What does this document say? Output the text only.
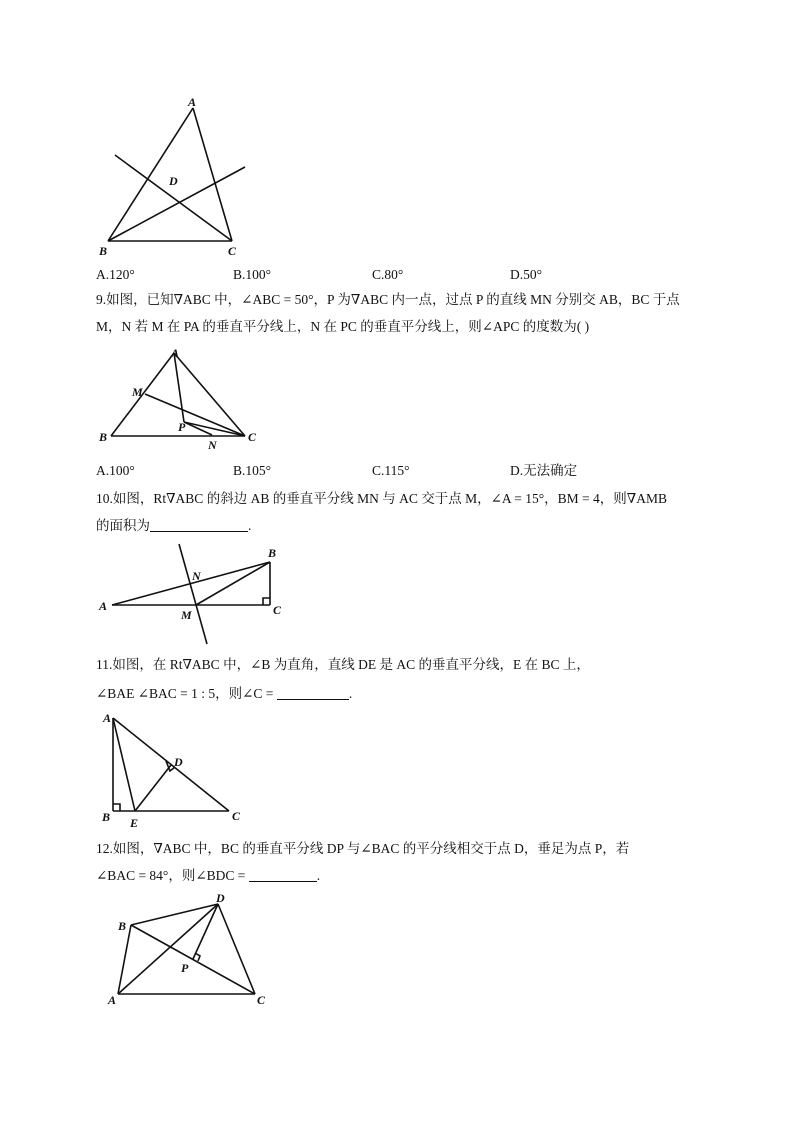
A
D
B	C
A.120°	B.100°	C.80°	D.50°
9.如图，已知∇ABC 中，∠ABC = 50°，P 为∇ABC 内一点，过点 P 的直线 MN 分别交 AB，BC 于点
M，N 若 M 在 PA 的垂直平分线上，N 在 PC 的垂直平分线上，则∠APC 的度数为( )
A
M
P
B	C
N
A.100°	B.105°	C.115°	D.无法确定
10.如图，Rt∇ABC 的斜边 AB 的垂直平分线 MN 与 AC 交于点 M，∠A = 15°，BM = 4，则∇AMB
的面积为	.
B
N
A
M	C
11.如图，在 Rt∇ABC 中，∠B 为直角，直线 DE 是 AC 的垂直平分线，E 在 BC 上，
∠BAE ∠BAC = 1 : 5，则∠C =	.
A
D
B	C
E
12.如图，∇ABC 中，BC 的垂直平分线 DP 与∠BAC 的平分线相交于点 D，垂足为点 P，若
∠BAC = 84°，则∠BDC =	.
D
B
P
A	C
